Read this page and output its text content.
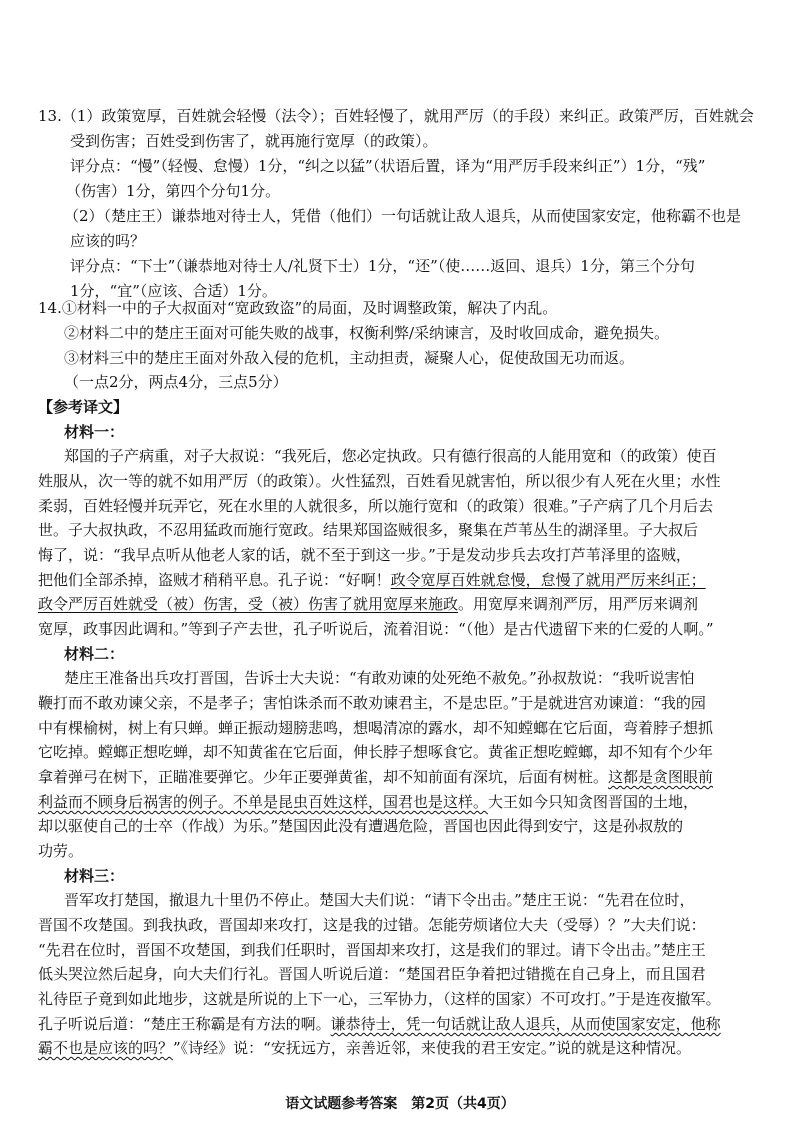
13.（1）政策宽厚，百姓就会轻慢（法令）；百姓轻慢了，就用严厉（的手段）来纠正。政策严厉，百姓就会
受到伤害；百姓受到伤害了，就再施行宽厚（的政策）。
评分点：“慢”（轻慢、怠慢）1分，“纠之以猛”（状语后置，译为“用严厉手段来纠正”）1分，“残”
（伤害）1分，第四个分句1分。
（2）（楚庄王）谦恭地对待士人，凭借（他们）一句话就让敌人退兵，从而使国家安定，他称霸不也是
应该的吗？
评分点：“下士”（谦恭地对待士人/礼贤下士）1分，“还”（使……返回、退兵）1分，第三个分句
1分，“宜”（应该、合适）1分。
14.①材料一中的子大叔面对“宽政致盗”的局面，及时调整政策，解决了内乱。
②材料二中的楚庄王面对可能失败的战事，权衡利弊/采纳谏言，及时收回成命，避免损失。
③材料三中的楚庄王面对外敌入侵的危机，主动担责，凝聚人心，促使敌国无功而返。
（一点2分，两点4分，三点5分）
【参考译文】
材料一：
郑国的子产病重，对子大叔说：“我死后，您必定执政。只有德行很高的人能用宽和（的政策）使百
姓服从，次一等的就不如用严厉（的政策）。火性猛烈，百姓看见就害怕，所以很少有人死在火里；水性
柔弱，百姓轻慢并玩弄它，死在水里的人就很多，所以施行宽和（的政策）很难。”子产病了几个月后去
世。子大叔执政，不忍用猛政而施行宽政。结果郑国盗贼很多，聚集在芦苇丛生的湖泽里。子大叔后
悔了，说：“我早点听从他老人家的话，就不至于到这一步。”于是发动步兵去攻打芦苇泽里的盗贼，
把他们全部杀掉，盗贼才稍稍平息。孔子说：“好啊！政令宽厚百姓就怠慢，怠慢了就用严厉来纠正；
政令严厉百姓就受（被）伤害，受（被）伤害了就用宽厚来施政。用宽厚来调剂严厉，用严厉来调剂
宽厚，政事因此调和。”等到子产去世，孔子听说后，流着泪说：“（他）是古代遗留下来的仁爱的人啊。”
材料二：
楚庄王准备出兵攻打晋国，告诉士大夫说：“有敢劝谏的处死绝不赦免。”孙叔敖说：“我听说害怕
鞭打而不敢劝谏父亲，不是孝子；害怕诛杀而不敢劝谏君主，不是忠臣。”于是就进宫劝谏道：“我的园
中有棵榆树，树上有只蝉。蝉正振动翅膀悲鸣，想喝清凉的露水，却不知螳螂在它后面，弯着脖子想抓
它吃掉。螳螂正想吃蝉，却不知黄雀在它后面，伸长脖子想啄食它。黄雀正想吃螳螂，却不知有个少年
拿着弹弓在树下，正瞄准要弹它。少年正要弹黄雀，却不知前面有深坑，后面有树桩。这都是贪图眼前
利益而不顾身后祸害的例子。不单是昆虫百姓这样，国君也是这样。大王如今只知贪图晋国的土地，
却以驱使自己的士卒（作战）为乐。”楚国因此没有遭遇危险，晋国也因此得到安宁，这是孙叔敖的
功劳。
材料三：
晋军攻打楚国，撤退九十里仍不停止。楚国大夫们说：“请下令出击。”楚庄王说：“先君在位时，
晋国不攻楚国。到我执政，晋国却来攻打，这是我的过错。怎能劳烦诸位大夫（受辱）？”大夫们说：
“先君在位时，晋国不攻楚国，到我们任职时，晋国却来攻打，这是我们的罪过。请下令出击。”楚庄王
低头哭泣然后起身，向大夫们行礼。晋国人听说后道：“楚国君臣争着把过错揽在自己身上，而且国君
礼待臣子竟到如此地步，这就是所说的上下一心，三军协力，（这样的国家）不可攻打。”于是连夜撤军。
孔子听说后道：“楚庄王称霸是有方法的啊。谦恭待士，凭一句话就让敌人退兵，从而使国家安定，他称
霸不也是应该的吗？”《诗经》说：“安抚远方，亲善近邻，来使我的君王安定。”说的就是这种情况。
语文试题参考答案　第2页（共4页）
